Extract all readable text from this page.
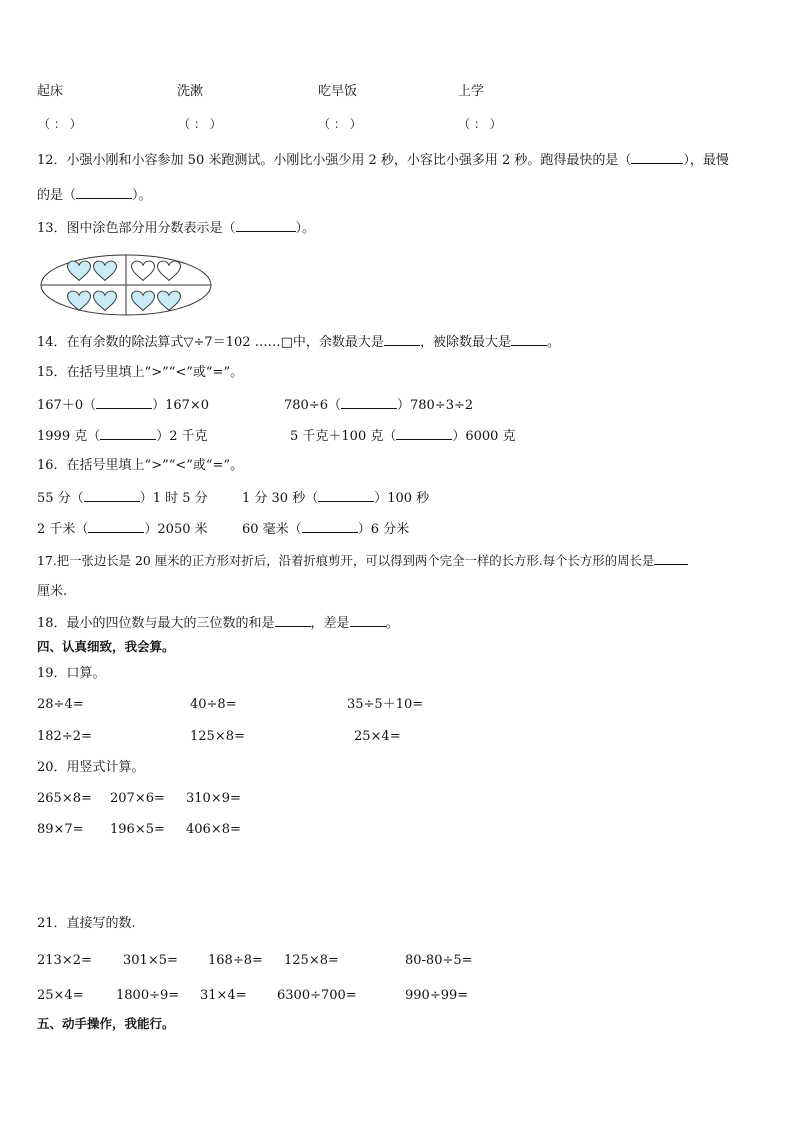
起床	洗漱	吃早饭	上学
（ ： ）	（ ： ）	（ ： ）	（ ： ）
12．小强小刚和小容参加 50 米跑测试。小刚比小强少用 2 秒，小容比小强多用 2 秒。跑得最快的是（	），最慢
的是（	）。
13．图中涂色部分用分数表示是（	）。
14．在有余数的除法算式▽÷7＝102 ……□中，余数最大是	，被除数最大是	。
15．在括号里填上“>”“<”或“=”。
167＋0（	）167×0	780÷6（	）780÷3÷2
1999 克（	）2 千克	5 千克＋100 克（	）6000 克
16．在括号里填上“>”“<”或“=”。
55 分（	）1 时 5 分	1 分 30 秒（	）100 秒
2 千米（	）2050 米	60 毫米（	）6 分米
17.把一张边长是 20 厘米的正方形对折后，沿着折痕剪开，可以得到两个完全一样的长方形.每个长方形的周长是
厘米.
18．最小的四位数与最大的三位数的和是	，差是	。
四、认真细致，我会算。
19．口算。
28÷4=	40÷8=	35÷5＋10=
182÷2=	125×8=	25×4=
20．用竖式计算。
265×8= 207×6= 310×9=
89×7= 196×5= 406×8=
21．直接写的数.
213×2= 301×5= 168÷8= 125×8=	80-80÷5=
25×4= 1800÷9= 31×4= 6300÷700=	990÷99=
五、动手操作，我能行。
